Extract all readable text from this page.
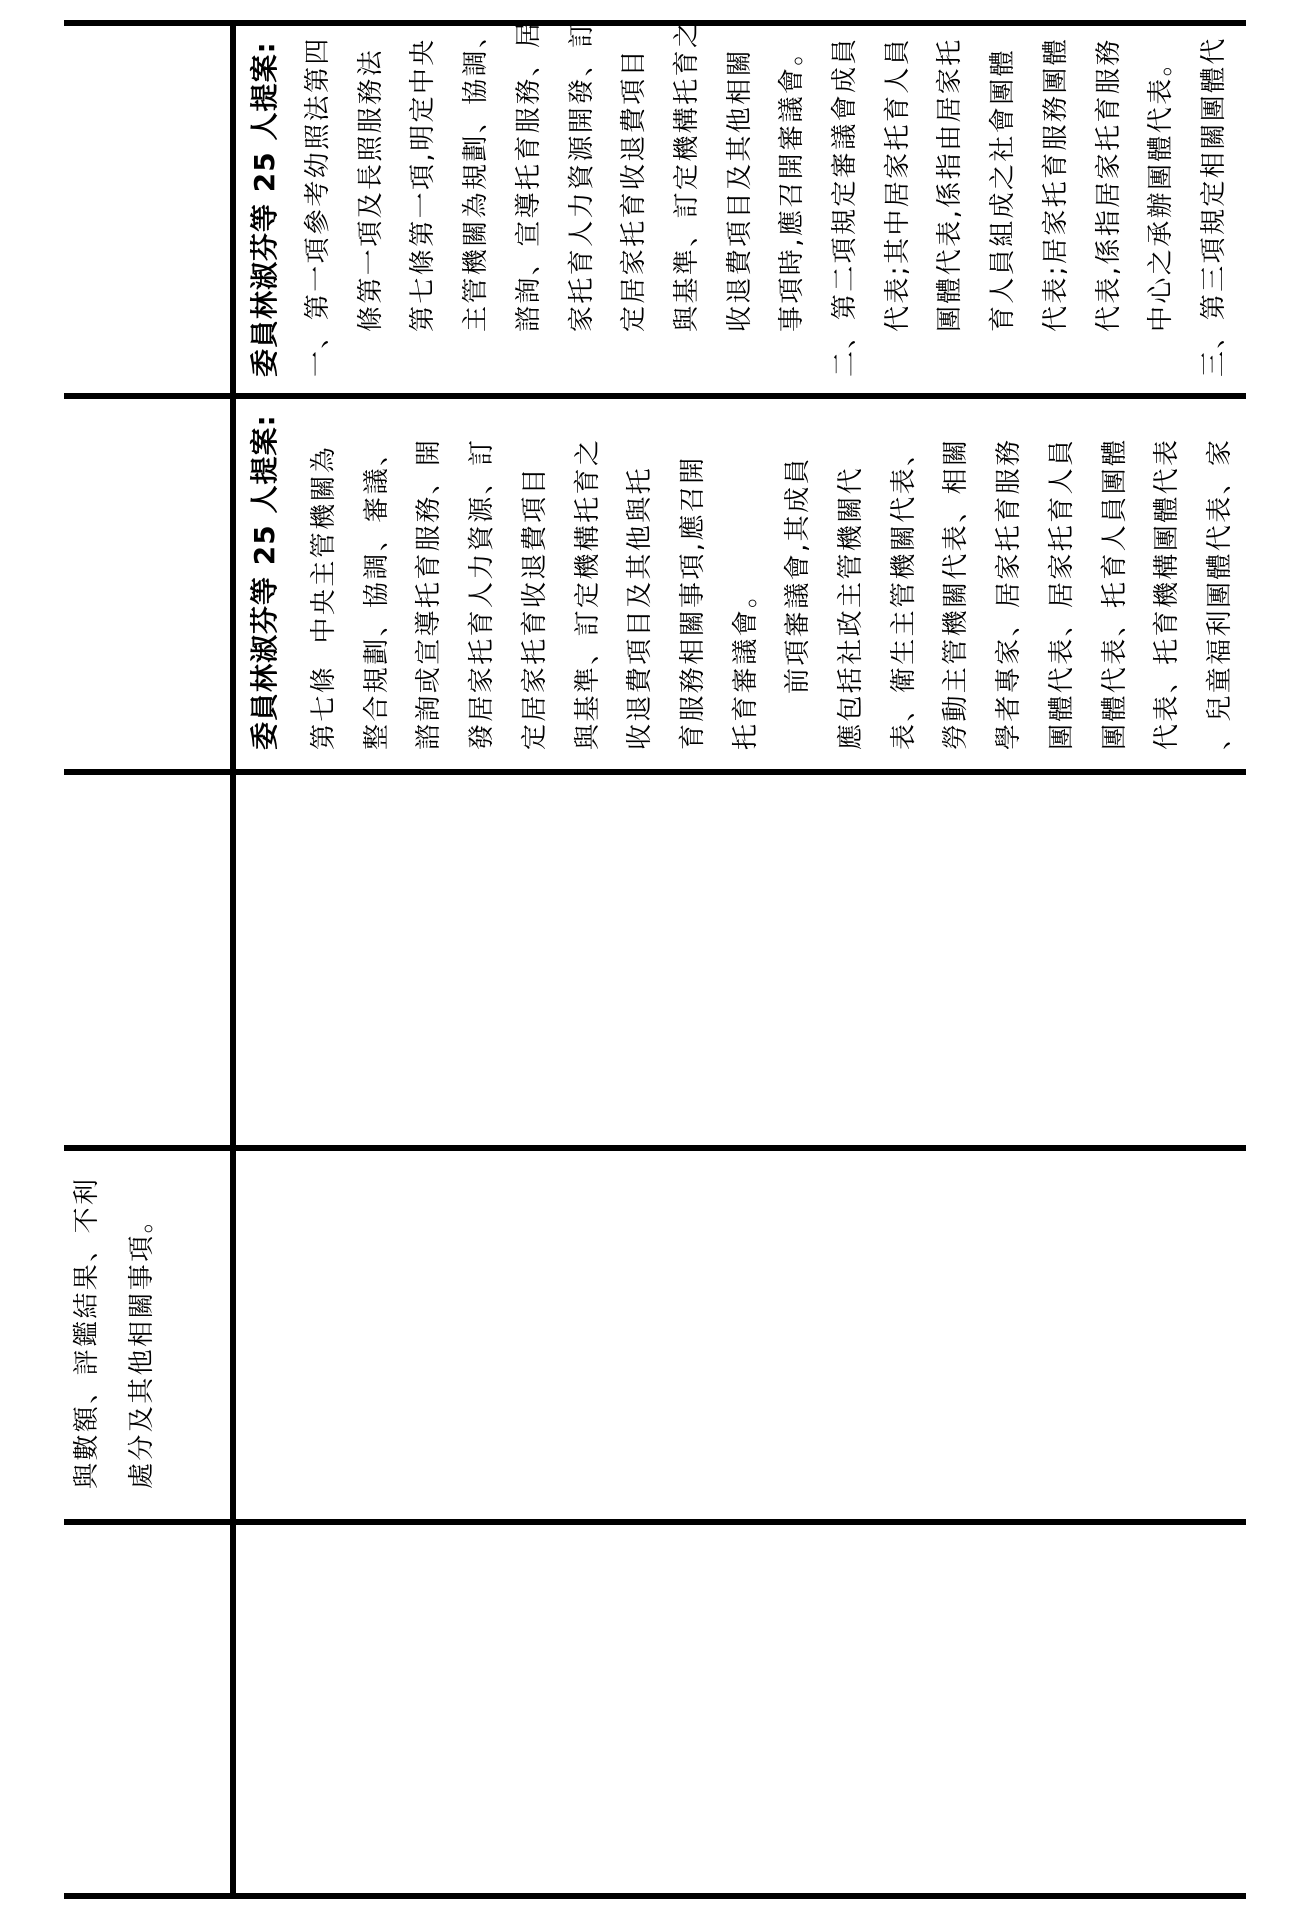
委員林淑芬等 25 人提案: 一、第一項參考幼照法第四 條第一項及長照服務法 第七條第一項,明定中央 主管機關為規劃、協調、 諮詢、宣導托育服務、居 家托育人力資源開發、訂 定居家托育收退費項目 與基準、訂定機構托育之 收退費項目及其他相關 事項時,應召開審議會。 二、第二項規定審議會成員 代表;其中居家托育人員 團體代表,係指由居家托 育人員組成之社會團體 代表;居家托育服務團體 代表,係指居家托育服務 中心之承辦團體代表。 三、第三項規定相關團體代
委員林淑芬等 25 人提案: 第七條  中央主管機關為 整合規劃、協調、審議、 諮詢或宣導托育服務、開 發居家托育人力資源、訂 定居家托育收退費項目 與基準、訂定機構托育之 收退費項目及其他與托 育服務相關事項,應召開 托育審議會。 前項審議會,其成員 應包括社政主管機關代 表、衛生主管機關代表、 勞動主管機關代表、相關 學者專家、居家托育服務 團體代表、居家托育人員 團體代表、托育人員團體 代表、托育機構團體代表 、兒童福利團體代表、家
與數額、評鑑結果、不利 處分及其他相關事項。
